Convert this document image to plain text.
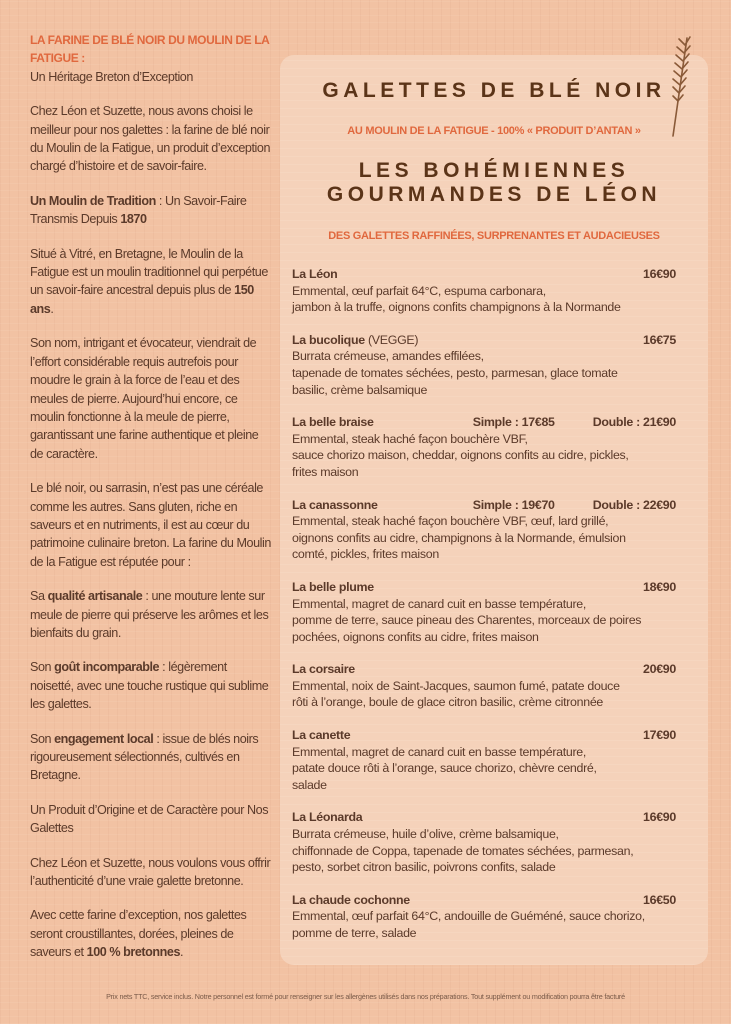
LA FARINE DE BLÉ NOIR DU MOULIN DE LA FATIGUE :

Un Héritage Breton d’Exception

Chez Léon et Suzette, nous avons choisi le meilleur pour nos galettes : la farine de blé noir du Moulin de la Fatigue, un produit d’exception chargé d’histoire et de savoir-faire.

Un Moulin de Tradition : Un Savoir-Faire Transmis Depuis 1870

Situé à Vitré, en Bretagne, le Moulin de la Fatigue est un moulin traditionnel qui perpétue un savoir-faire ancestral depuis plus de 150 ans.

Son nom, intrigant et évocateur, viendrait de l’effort considérable requis autrefois pour moudre le grain à la force de l’eau et des meules de pierre. Aujourd’hui encore, ce moulin fonctionne à la meule de pierre, garantissant une farine authentique et pleine de caractère.

Le blé noir, ou sarrasin, n’est pas une céréale comme les autres. Sans gluten, riche en saveurs et en nutriments, il est au cœur du patrimoine culinaire breton. La farine du Moulin de la Fatigue est réputée pour :

Sa qualité artisanale : une mouture lente sur meule de pierre qui préserve les arômes et les bienfaits du grain.

Son goût incomparable : légèrement noisetté, avec une touche rustique qui sublime les galettes.

Son engagement local : issue de blés noirs rigoureusement sélectionnés, cultivés en Bretagne.

Un Produit d’Origine et de Caractère pour Nos Galettes

Chez Léon et Suzette, nous voulons vous offrir l’authenticité d’une vraie galette bretonne.

Avec cette farine d’exception, nos galettes seront croustillantes, dorées, pleines de saveurs et 100 % bretonnes.

GALETTES DE BLÉ NOIR
AU MOULIN DE LA FATIGUE - 100% « PRODUIT D’ANTAN »
LES BOHÉMIENNES
GOURMANDES DE LÉON
DES GALETTES RAFFINÉES, SURPRENANTES ET AUDACIEUSES
La Léon	16€90
Emmental, œuf parfait 64°C, espuma carbonara,
jambon à la truffe, oignons confits champignons à la Normande
La bucolique (VEGGE)	16€75
Burrata crémeuse, amandes effilées,
tapenade de tomates séchées, pesto, parmesan, glace tomate
basilic, crème balsamique
La belle braise	Simple : 17€85	Double : 21€90
Emmental, steak haché façon bouchère VBF,
sauce chorizo maison, cheddar, oignons confits au cidre, pickles,
frites maison
La canassonne	Simple : 19€70	Double : 22€90
Emmental, steak haché façon bouchère VBF, œuf, lard grillé,
oignons confits au cidre, champignons à la Normande, émulsion
comté, pickles, frites maison
La belle plume	18€90
Emmental, magret de canard cuit en basse température,
pomme de terre, sauce pineau des Charentes, morceaux de poires
pochées, oignons confits au cidre, frites maison
La corsaire	20€90
Emmental, noix de Saint-Jacques, saumon fumé, patate douce
rôti à l’orange, boule de glace citron basilic, crème citronnée
La canette	17€90
Emmental, magret de canard cuit en basse température,
patate douce rôti à l’orange, sauce chorizo, chèvre cendré,
salade
La Léonarda	16€90
Burrata crémeuse, huile d’olive, crème balsamique,
chiffonnade de Coppa, tapenade de tomates séchées, parmesan,
pesto, sorbet citron basilic, poivrons confits, salade
La chaude cochonne	16€50
Emmental, œuf parfait 64°C, andouille de Guéméné, sauce chorizo,
pomme de terre, salade
Prix nets TTC, service inclus. Notre personnel est formé pour renseigner sur les allergènes utilisés dans nos préparations. Tout supplément ou modification pourra être facturé
